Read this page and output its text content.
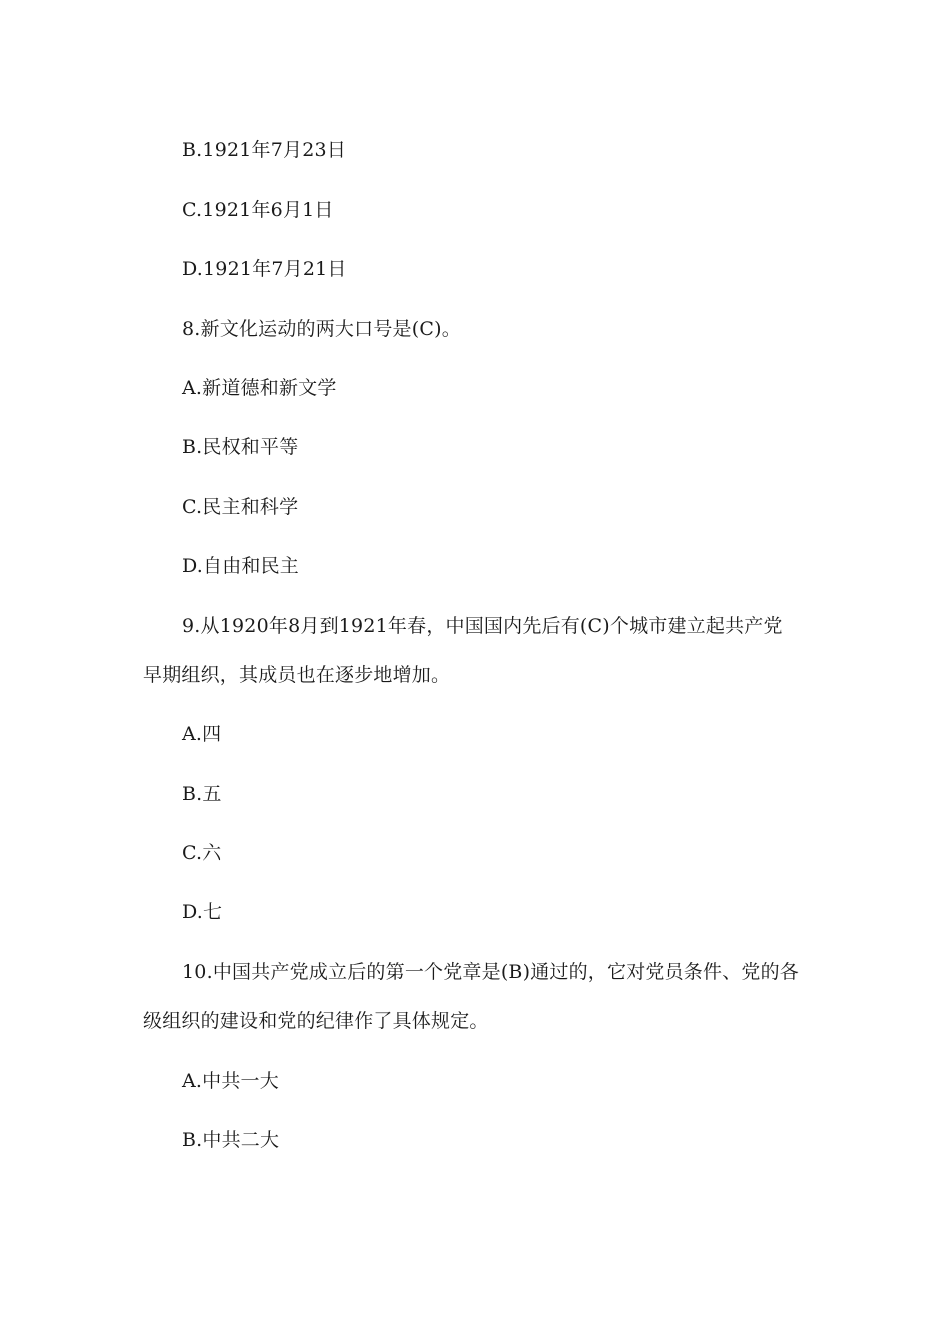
B.1921年7月23日
C.1921年6月1日
D.1921年7月21日
8.新文化运动的两大口号是(C)。
A.新道德和新文学
B.民权和平等
C.民主和科学
D.自由和民主
9.从1920年8月到1921年春，中国国内先后有(C)个城市建立起共产党
早期组织，其成员也在逐步地增加。
A.四
B.五
C.六
D.七
10.中国共产党成立后的第一个党章是(B)通过的，它对党员条件、党的各
级组织的建设和党的纪律作了具体规定。
A.中共一大
B.中共二大
